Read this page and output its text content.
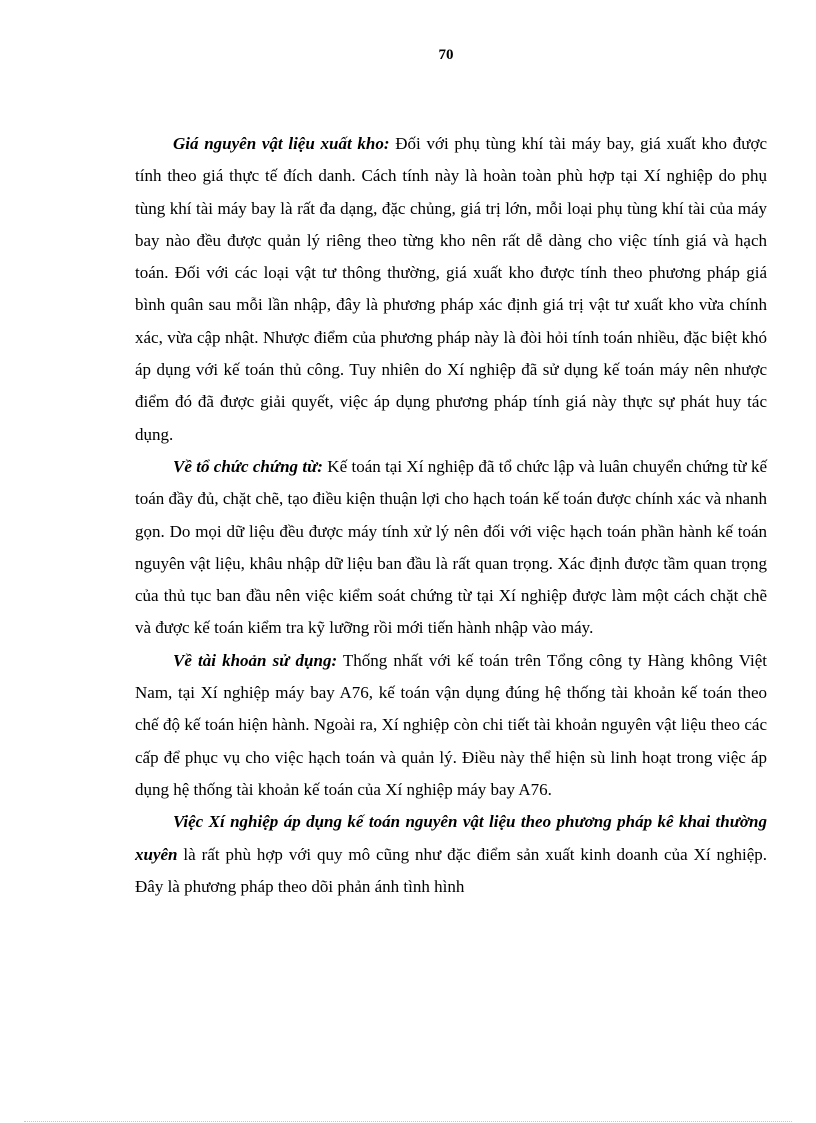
70

Giá nguyên vật liệu xuất kho: Đối với phụ tùng khí tài máy bay, giá xuất kho được tính theo giá thực tế đích danh. Cách tính này là hoàn toàn phù hợp tại Xí nghiệp do phụ tùng khí tài máy bay là rất đa dạng, đặc chủng, giá trị lớn, mỗi loại phụ tùng khí tài của máy bay nào đều được quản lý riêng theo từng kho nên rất dễ dàng cho việc tính giá và hạch toán. Đối với các loại vật tư thông thường, giá xuất kho được tính theo phương pháp giá bình quân sau mỗi lần nhập, đây là phương pháp xác định giá trị vật tư xuất kho vừa chính xác, vừa cập nhật. Nhược điểm của phương pháp này là đòi hỏi tính toán nhiều, đặc biệt khó áp dụng với kế toán thủ công. Tuy nhiên do Xí nghiệp đã sử dụng kế toán máy nên nhược điểm đó đã được giải quyết, việc áp dụng phương pháp tính giá này thực sự phát huy tác dụng.

Về tổ chức chứng từ: Kế toán tại Xí nghiệp đã tổ chức lập và luân chuyển chứng từ kế toán đầy đủ, chặt chẽ, tạo điều kiện thuận lợi cho hạch toán kế toán được chính xác và nhanh gọn. Do mọi dữ liệu đều được máy tính xử lý nên đối với việc hạch toán phần hành kế toán nguyên vật liệu, khâu nhập dữ liệu ban đầu là rất quan trọng. Xác định được tầm quan trọng của thủ tục ban đầu nên việc kiểm soát chứng từ tại Xí nghiệp được làm một cách chặt chẽ và được kế toán kiểm tra kỹ lưỡng rồi mới tiến hành nhập vào máy.

Về tài khoản sử dụng: Thống nhất với kế toán trên Tổng công ty Hàng không Việt Nam, tại Xí nghiệp máy bay A76, kế toán vận dụng đúng hệ thống tài khoản kế toán theo chế độ kế toán hiện hành. Ngoài ra, Xí nghiệp còn chi tiết tài khoản nguyên vật liệu theo các cấp để phục vụ cho việc hạch toán và quản lý. Điều này thể hiện sù linh hoạt trong việc áp dụng hệ thống tài khoản kế toán của Xí nghiệp máy bay A76.

Việc Xí nghiệp áp dụng kế toán nguyên vật liệu theo phương pháp kê khai thường xuyên là rất phù hợp với quy mô cũng như đặc điểm sản xuất kinh doanh của Xí nghiệp. Đây là phương pháp theo dõi phản ánh tình hình
